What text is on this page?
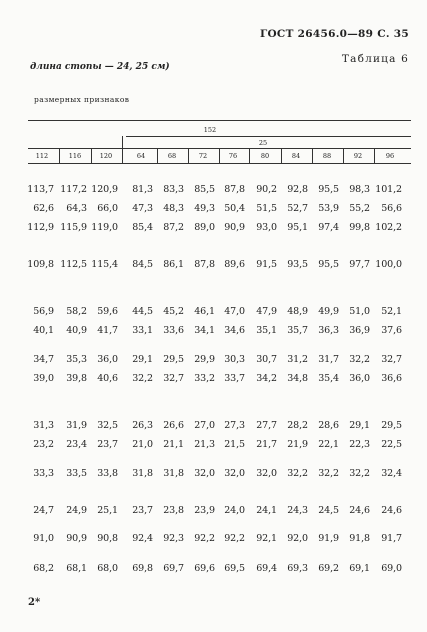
ГОСТ 26456.0—89 С. 35
Таблица 6
длина стопы — 24, 25 см)
размерных признаков
152
25
112	116	120	64	68	72	76	80	84	88	92	96
113,7 117,2 120,9	81,3	83,3	85,5 87,8	90,2	92,8	95,5	98,3 101,2
62,6	64,3	66,0	47,3	48,3	49,3 50,4	51,5	52,7	53,9	55,2	56,6
112,9 115,9 119,0	85,4	87,2	89,0 90,9	93,0	95,1	97,4	99,8 102,2
109,8 112,5 115,4	84,5	86,1	87,8 89,6	91,5	93,5	95,5	97,7 100,0
56,9	58,2	59,6	44,5	45,2	46,1 47,0	47,9	48,9	49,9	51,0	52,1
40,1	40,9	41,7	33,1	33,6	34,1 34,6	35,1	35,7	36,3	36,9	37,6
34,7	35,3	36,0	29,1	29,5	29,9 30,3	30,7	31,2	31,7	32,2	32,7
39,0	39,8	40,6	32,2	32,7	33,2 33,7	34,2	34,8	35,4	36,0	36,6
31,3	31,9	32,5	26,3	26,6	27,0 27,3	27,7	28,2	28,6	29,1	29,5
23,2	23,4	23,7	21,0	21,1	21,3 21,5	21,7	21,9	22,1	22,3	22,5
33,3	33,5	33,8	31,8	31,8	32,0 32,0	32,0	32,2	32,2	32,2	32,4
24,7	24,9	25,1	23,7	23,8	23,9 24,0	24,1	24,3	24,5	24,6	24,6
91,0	90,9	90,8	92,4	92,3	92,2 92,2	92,1	92,0	91,9	91,8	91,7
68,2	68,1	68,0	69,8	69,7	69,6 69,5	69,4	69,3	69,2	69,1	69,0
2*
